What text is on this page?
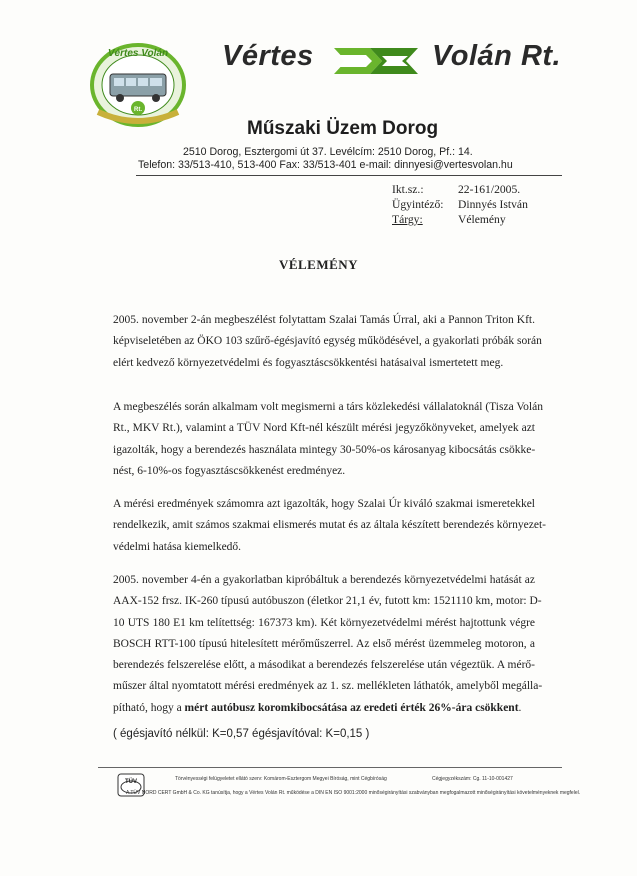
Vértes Volán
Rt.
Vértes	Volán Rt.
Műszaki Üzem Dorog
2510 Dorog, Esztergomi út 37. Levélcím: 2510 Dorog, Pf.: 14.
Telefon: 33/513-410, 513-400 Fax: 33/513-401 e-mail: dinnyesi@vertesvolan.hu
Ikt.sz.:	22-161/2005.
Ügyintéző: Dinnyés István
Tárgy:	Vélemény
VÉLEMÉNY
2005. november 2-án megbeszélést folytattam Szalai Tamás Úrral, aki a Pannon Triton Kft.
képviseletében az ÖKO 103 szűrő-égésjavító egység működésével, a gyakorlati próbák során
elért kedvező környezetvédelmi és fogyasztáscsökkentési hatásaival ismertetett meg.
A megbeszélés során alkalmam volt megismerni a társ közlekedési vállalatoknál (Tisza Volán
Rt., MKV Rt.), valamint a TÜV Nord Kft-nél készült mérési jegyzőkönyveket, amelyek azt
igazolták, hogy a berendezés használata mintegy 30-50%-os károsanyag kibocsátás csökke-
nést, 6-10%-os fogyasztáscsökkenést eredményez.
A mérési eredmények számomra azt igazolták, hogy Szalai Úr kiváló szakmai ismeretekkel
rendelkezik, amit számos szakmai elismerés mutat és az általa készített berendezés környezet-
védelmi hatása kiemelkedő.
2005. november 4-én a gyakorlatban kipróbáltuk a berendezés környezetvédelmi hatását az
AAX-152 frsz. IK-260 típusú autóbuszon (életkor 21,1 év, futott km: 1521110 km, motor: D-
10 UTS 180 E1 km telítettség: 167373 km). Két környezetvédelmi mérést hajtottunk végre
BOSCH RTT-100 típusú hitelesített mérőműszerrel. Az első mérést üzemmeleg motoron, a
berendezés felszerelése előtt, a másodikat a berendezés felszerelése után végeztük. A mérő-
műszer által nyomtatott mérési eredmények az 1. sz. mellékleten láthatók, amelyből megálla-
pítható, hogy a mért autóbusz koromkibocsátása az eredeti érték 26%-ára csökkent.
( égésjavító nélkül: K=0,57 égésjavítóval: K=0,15 )
TÜV	Törvényességi felügyeletet ellátó szerv: Komárom-Esztergom Megyei Bíróság, mint Cégbíróság	Cégjegyzékszám: Cg. 11-10-001427
A TÜV NORD CERT GmbH & Co. KG tanúsítja, hogy a Vértes Volán Rt. működése a DIN EN ISO 9001:2000 minőségirányítási szabványban megfogalmazott minőségirányítási követelményeknek megfelel.
